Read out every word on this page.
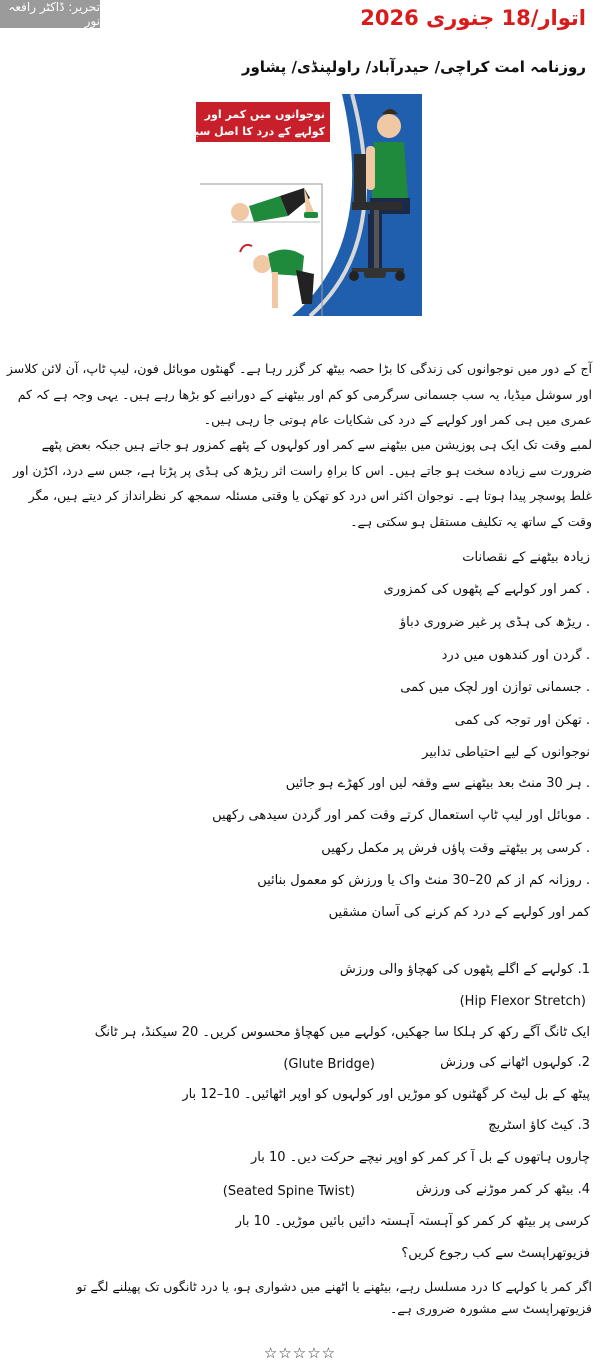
تحریر: ڈاکٹر رافعہ نور	اتوار/18 جنوری 2026
روزنامہ امت کراچی/ حیدرآباد/ راولپنڈی/ پشاور
نوجوانوں میں کمر اور
کولہے کے درد کا اصل سبب
آج کے دور میں نوجوانوں کی زندگی کا بڑا حصہ بیٹھ کر گزر رہا ہے۔ گھنٹوں موبائل فون، لیپ ٹاپ، آن لائن کلاسز اور سوشل میڈیا، یہ سب جسمانی سرگرمی کو کم اور بیٹھنے کے دورانیے کو بڑھا رہے ہیں۔ یہی وجہ ہے کہ کم عمری میں ہی کمر اور کولہے کے درد کی شکایات عام ہوتی جا رہی ہیں۔
لمبے وقت تک ایک ہی پوزیشن میں بیٹھنے سے کمر اور کولہوں کے پٹھے کمزور ہو جاتے ہیں جبکہ بعض پٹھے ضرورت سے زیادہ سخت ہو جاتے ہیں۔ اس کا براہِ راست اثر ریڑھ کی ہڈی پر پڑتا ہے، جس سے درد، اکڑن اور غلط پوسچر پیدا ہوتا ہے۔ نوجوان اکثر اس درد کو تھکن یا وقتی مسئلہ سمجھ کر نظرانداز کر دیتے ہیں، مگر وقت کے ساتھ یہ تکلیف مستقل ہو سکتی ہے۔
زیادہ بیٹھنے کے نقصانات
. کمر اور کولہے کے پٹھوں کی کمزوری
. ریڑھ کی ہڈی پر غیر ضروری دباؤ
. گردن اور کندھوں میں درد
. جسمانی توازن اور لچک میں کمی
. تھکن اور توجہ کی کمی
نوجوانوں کے لیے احتیاطی تدابیر
. ہر 30 منٹ بعد بیٹھنے سے وقفہ لیں اور کھڑے ہو جائیں
. موبائل اور لیپ ٹاپ استعمال کرتے وقت کمر اور گردن سیدھی رکھیں
. کرسی پر بیٹھتے وقت پاؤں فرش پر مکمل رکھیں
. روزانہ کم از کم 20–30 منٹ واک یا ورزش کو معمول بنائیں
کمر اور کولہے کے درد کم کرنے کی آسان مشقیں
1. کولہے کے اگلے پٹھوں کی کھچاؤ والی ورزش
(Hip Flexor Stretch)
ایک ٹانگ آگے رکھ کر ہلکا سا جھکیں، کولہے میں کھچاؤ محسوس کریں۔ 20 سیکنڈ، ہر ٹانگ
2. کولہوں اٹھانے کی ورزش
(Glute Bridge)
پیٹھ کے بل لیٹ کر گھٹنوں کو موڑیں اور کولہوں کو اوپر اٹھائیں۔ 10–12 بار
3. کیٹ کاؤ اسٹریچ
چاروں ہاتھوں کے بل آ کر کمر کو اوپر نیچے حرکت دیں۔ 10 بار
4. بیٹھ کر کمر موڑنے کی ورزش
(Seated Spine Twist)
کرسی پر بیٹھ کر کمر کو آہستہ آہستہ دائیں بائیں موڑیں۔ 10 بار
فزیوتھراپسٹ سے کب رجوع کریں؟
اگر کمر یا کولہے کا درد مسلسل رہے، بیٹھنے یا اٹھنے میں دشواری ہو، یا درد ٹانگوں تک پھیلنے لگے تو فزیوتھراپسٹ سے مشورہ ضروری ہے۔
☆☆☆☆☆
